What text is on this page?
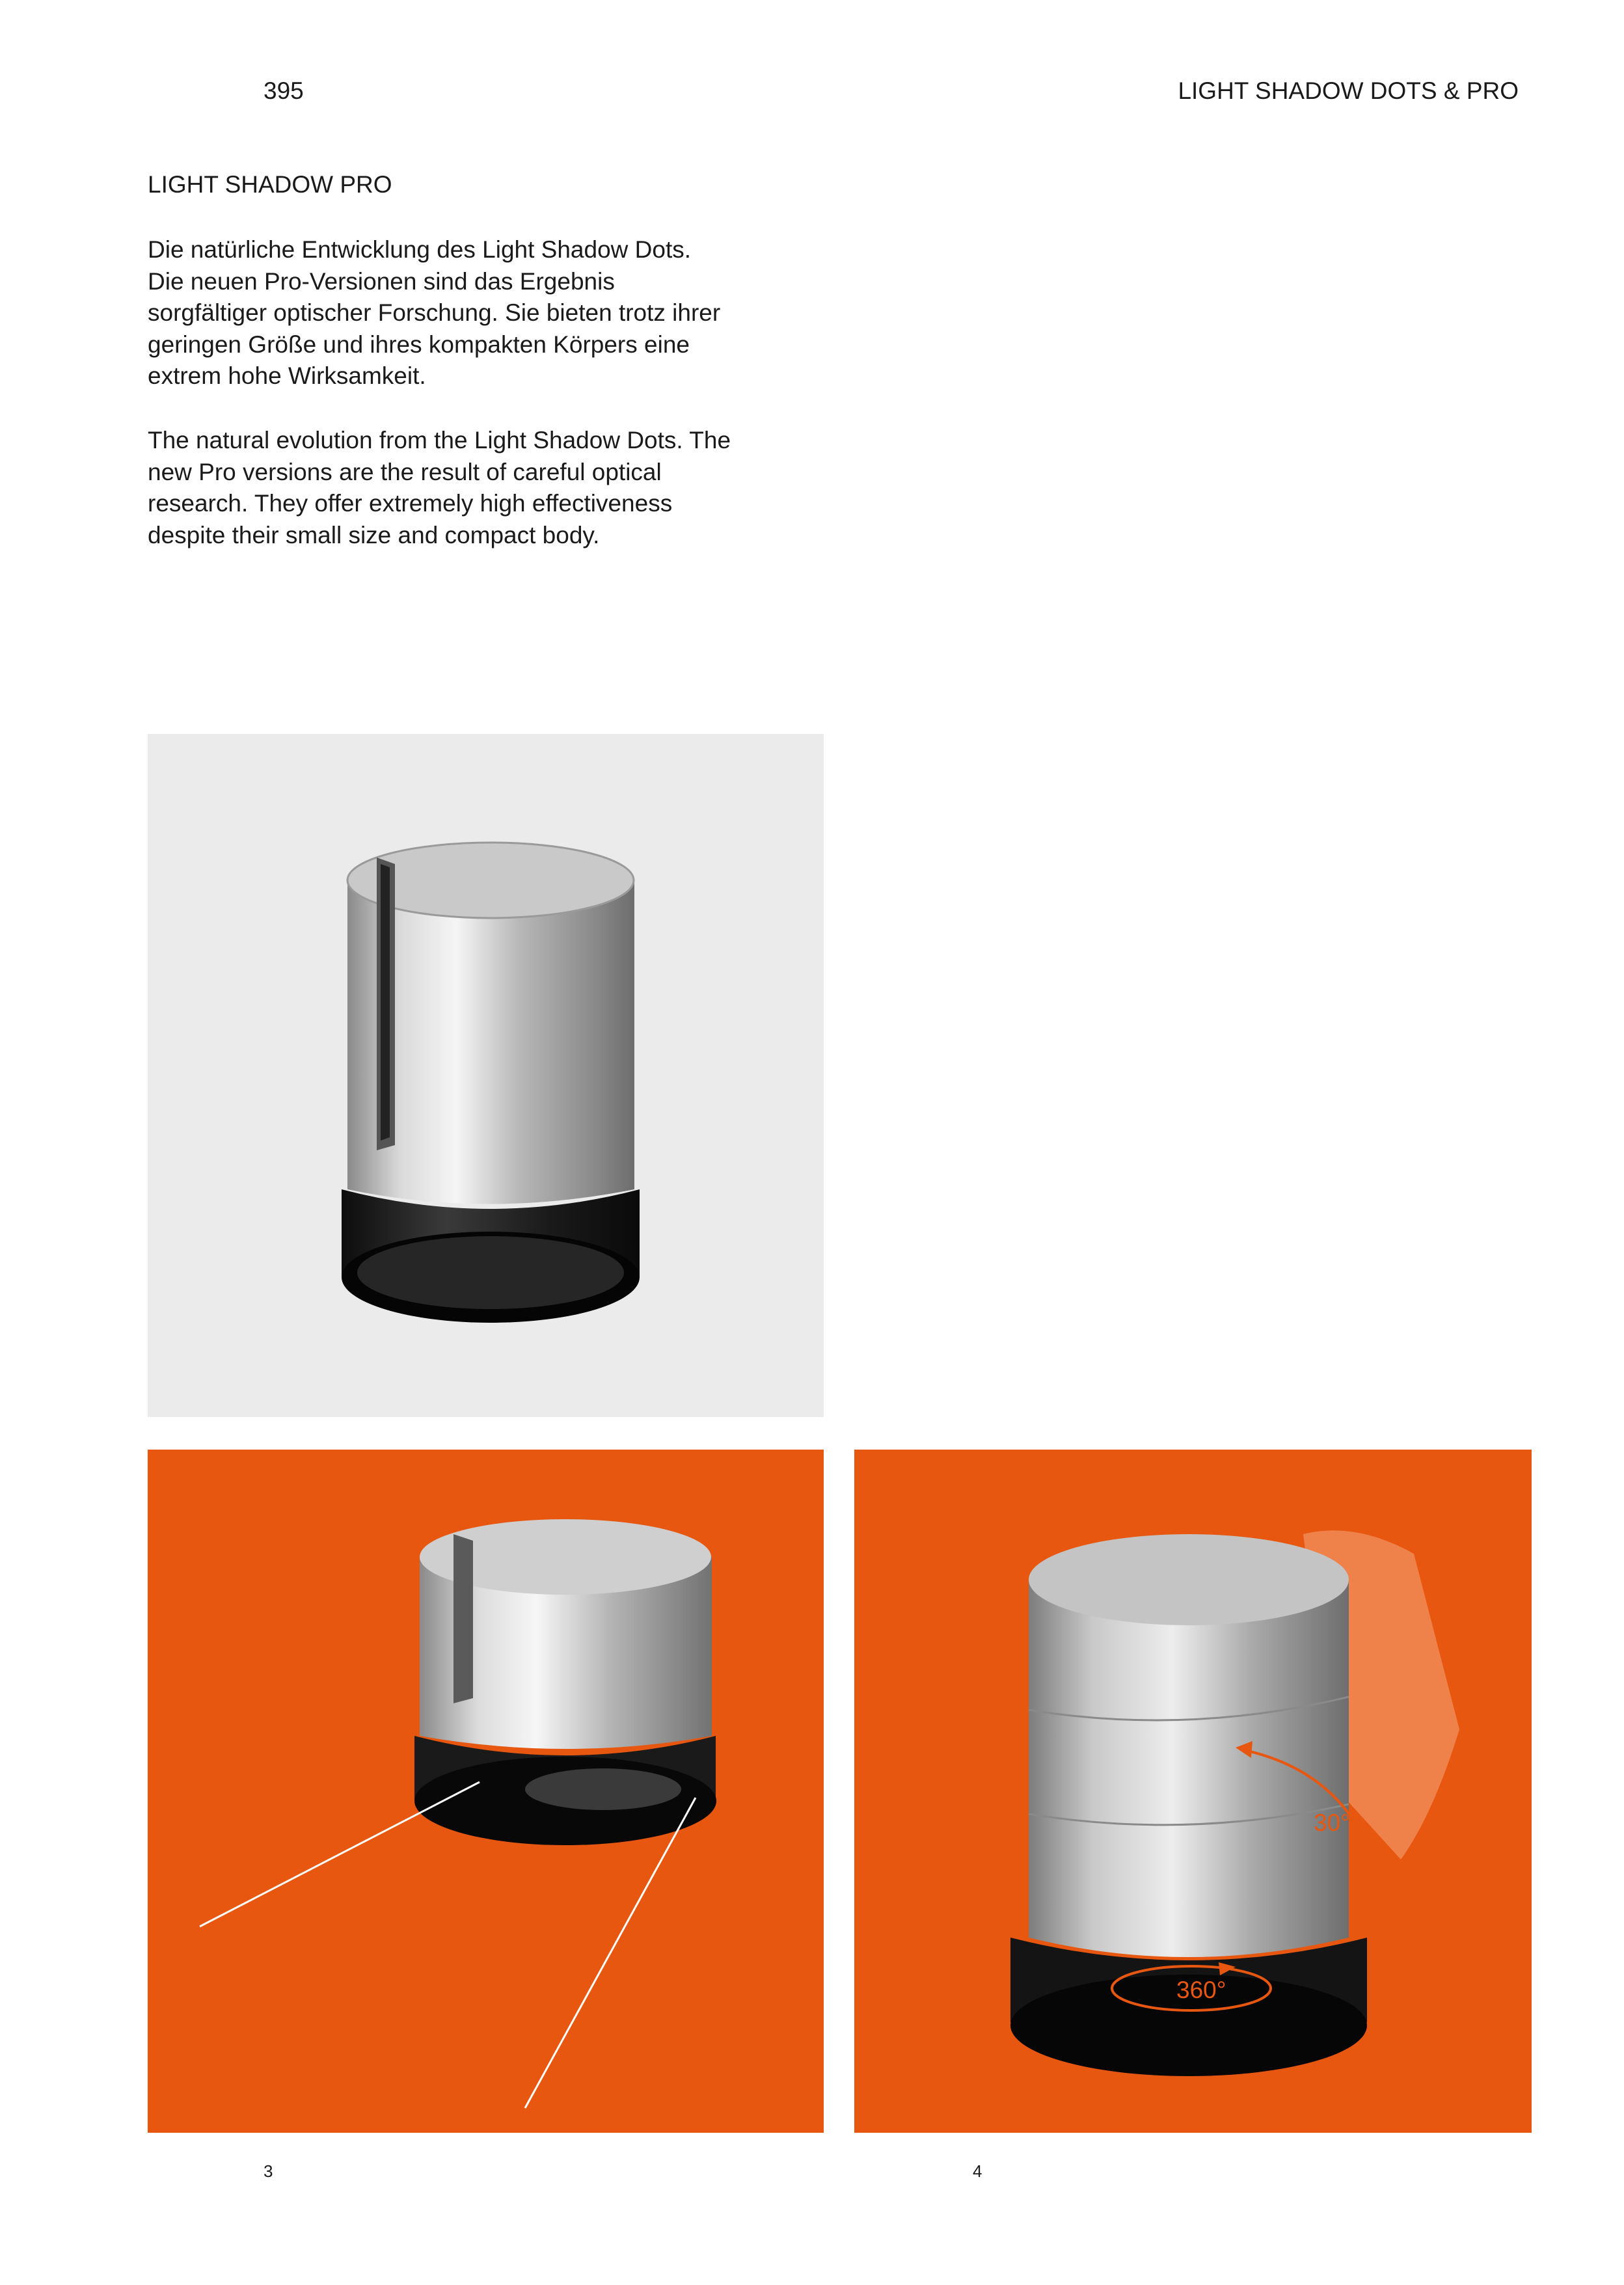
395	LIGHT SHADOW DOTS & PRO
LIGHT SHADOW PRO

Die natürliche Entwicklung des Light Shadow Dots. Die neuen Pro-Versionen sind das Ergebnis sorgfältiger optischer Forschung. Sie bieten trotz ihrer geringen Größe und ihres kompakten Körpers eine extrem hohe Wirksamkeit.

The natural evolution from the Light Shadow Dots. The new Pro versions are the result of careful optical research. They offer extremely high effectiveness despite their small size and compact body.

30°
360°
3	4
